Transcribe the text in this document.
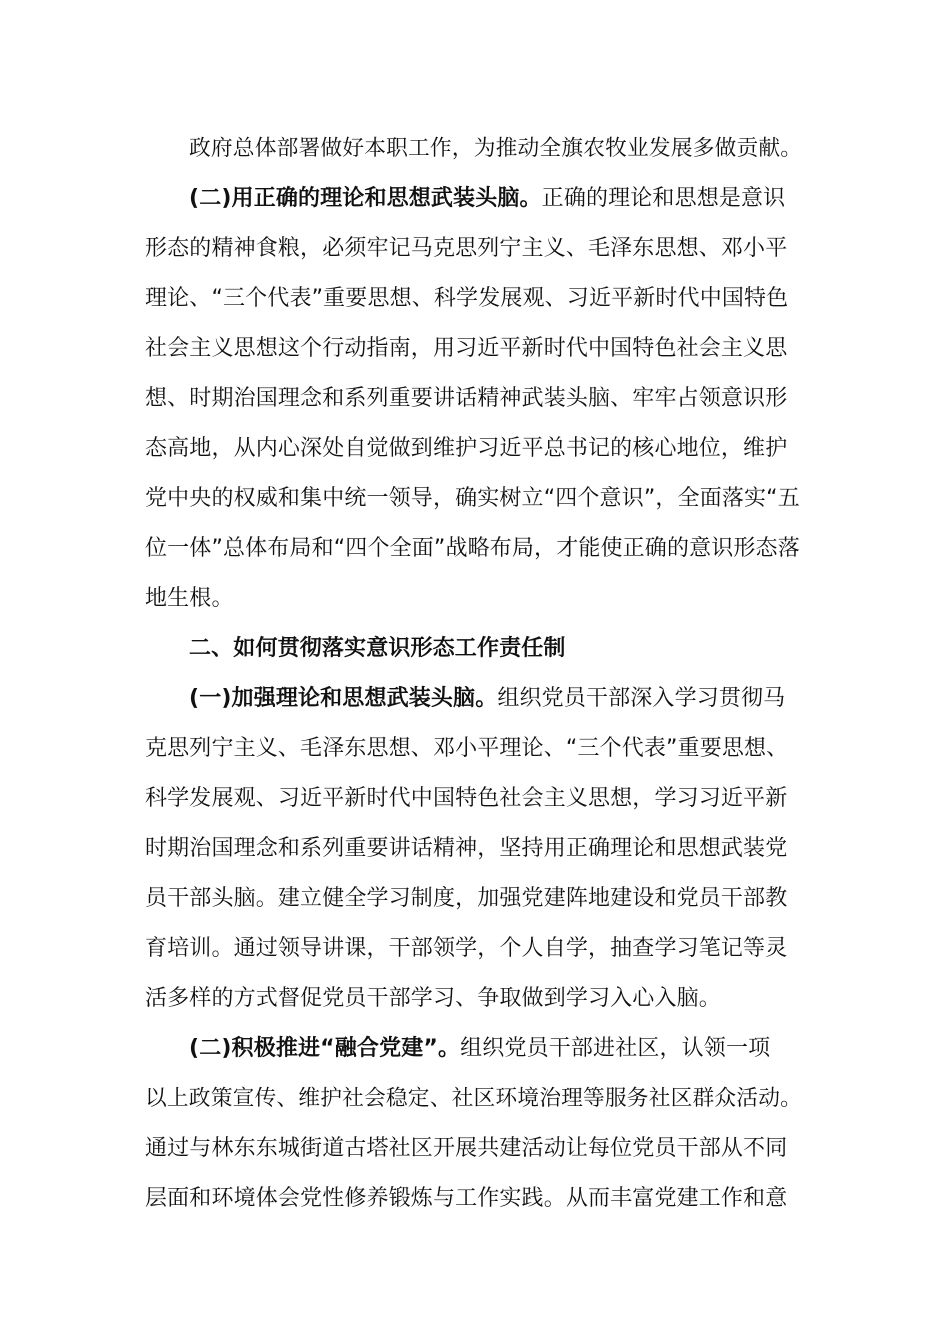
政府总体部署做好本职工作，为推动全旗农牧业发展多做贡献。
(二)用正确的理论和思想武装头脑。正确的理论和思想是意识
形态的精神食粮，必须牢记马克思列宁主义、毛泽东思想、邓小平
理论、“三个代表”重要思想、科学发展观、习近平新时代中国特色
社会主义思想这个行动指南，用习近平新时代中国特色社会主义思
想、时期治国理念和系列重要讲话精神武装头脑、牢牢占领意识形
态高地，从内心深处自觉做到维护习近平总书记的核心地位，维护
党中央的权威和集中统一领导，确实树立“四个意识”，全面落实“五
位一体”总体布局和“四个全面”战略布局，才能使正确的意识形态落
地生根。
二、如何贯彻落实意识形态工作责任制
(一)加强理论和思想武装头脑。组织党员干部深入学习贯彻马
克思列宁主义、毛泽东思想、邓小平理论、“三个代表”重要思想、
科学发展观、习近平新时代中国特色社会主义思想，学习习近平新
时期治国理念和系列重要讲话精神，坚持用正确理论和思想武装党
员干部头脑。建立健全学习制度，加强党建阵地建设和党员干部教
育培训。通过领导讲课，干部领学，个人自学，抽查学习笔记等灵
活多样的方式督促党员干部学习、争取做到学习入心入脑。
(二)积极推进“融合党建”。组织党员干部进社区，认领一项
以上政策宣传、维护社会稳定、社区环境治理等服务社区群众活动。
通过与林东东城街道古塔社区开展共建活动让每位党员干部从不同
层面和环境体会党性修养锻炼与工作实践。从而丰富党建工作和意
